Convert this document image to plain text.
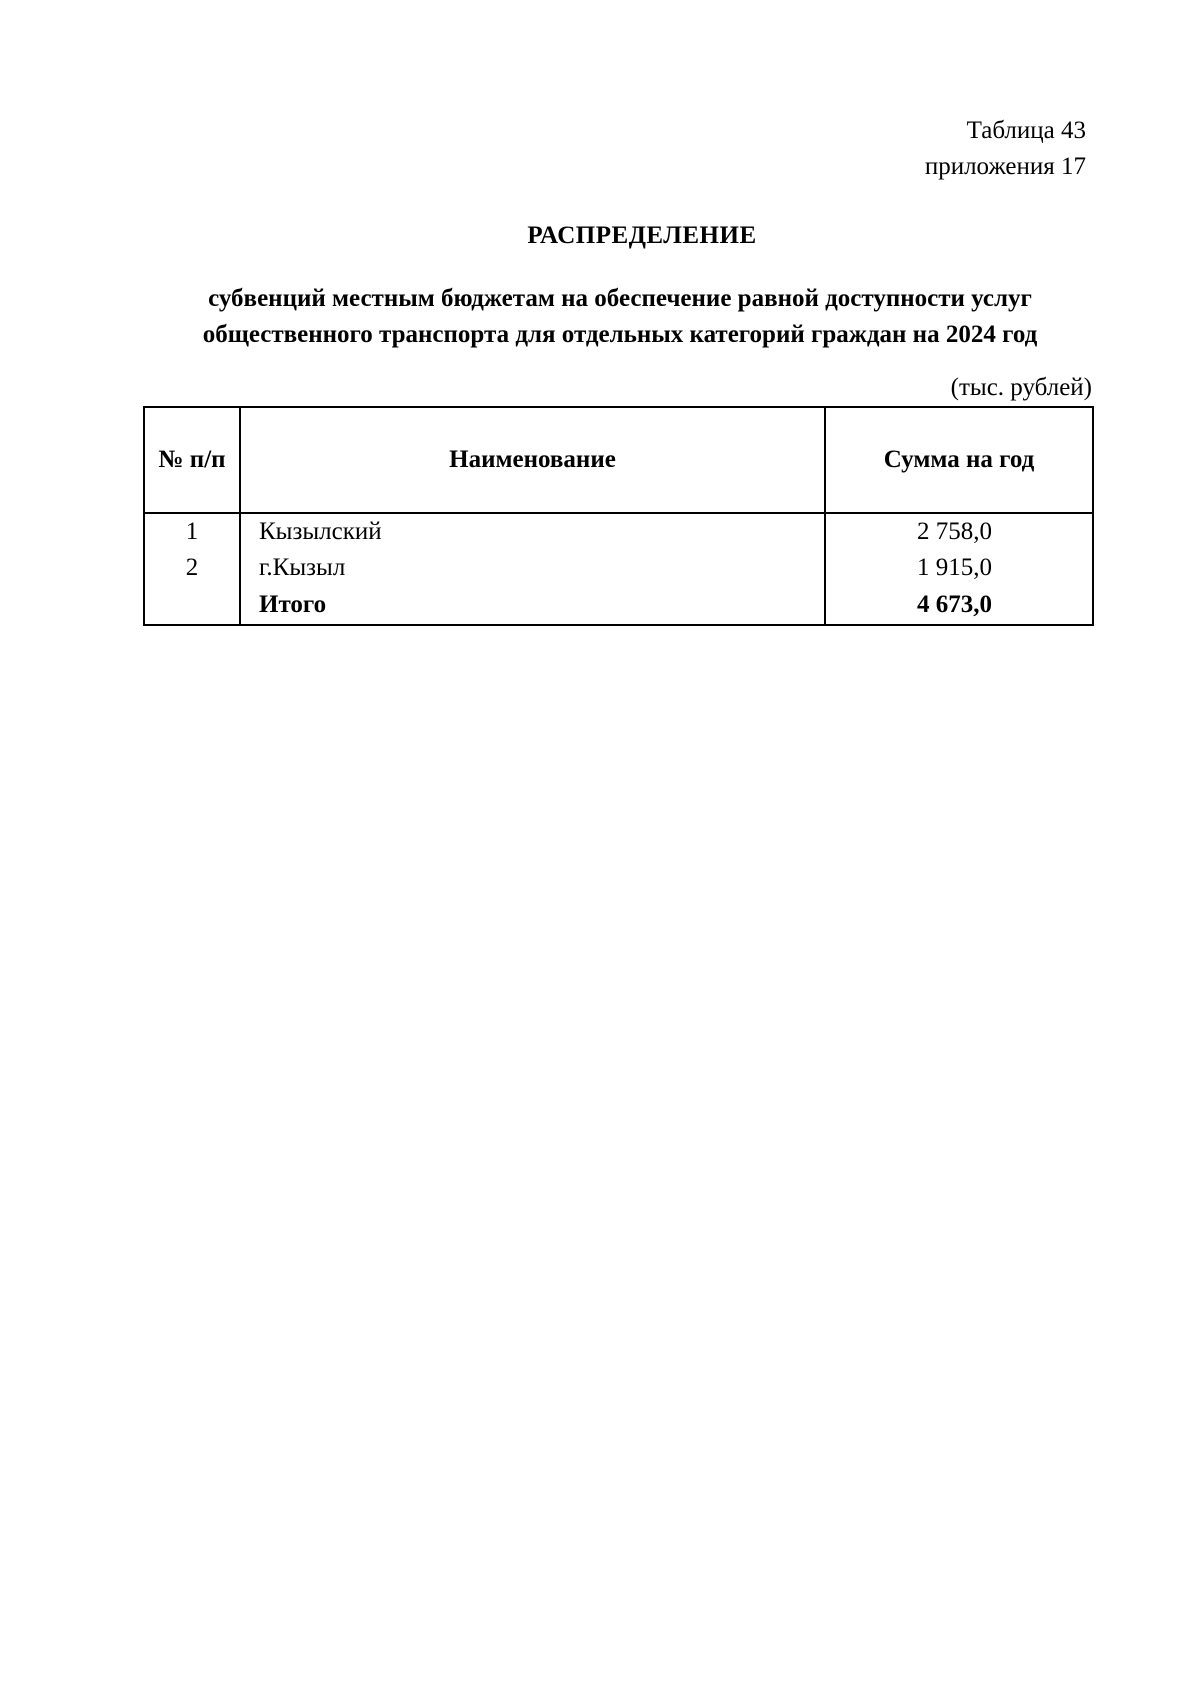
Таблица 43
приложения 17
РАСПРЕДЕЛЕНИЕ
субвенций местным бюджетам на обеспечение равной доступности услуг
общественного транспорта для отдельных категорий граждан на 2024 год
(тыс. рублей)
№ п/п	Наименование	Сумма на год
1	Кызылский	2 758,0
2	г.Кызыл	1 915,0
	Итого	4 673,0
